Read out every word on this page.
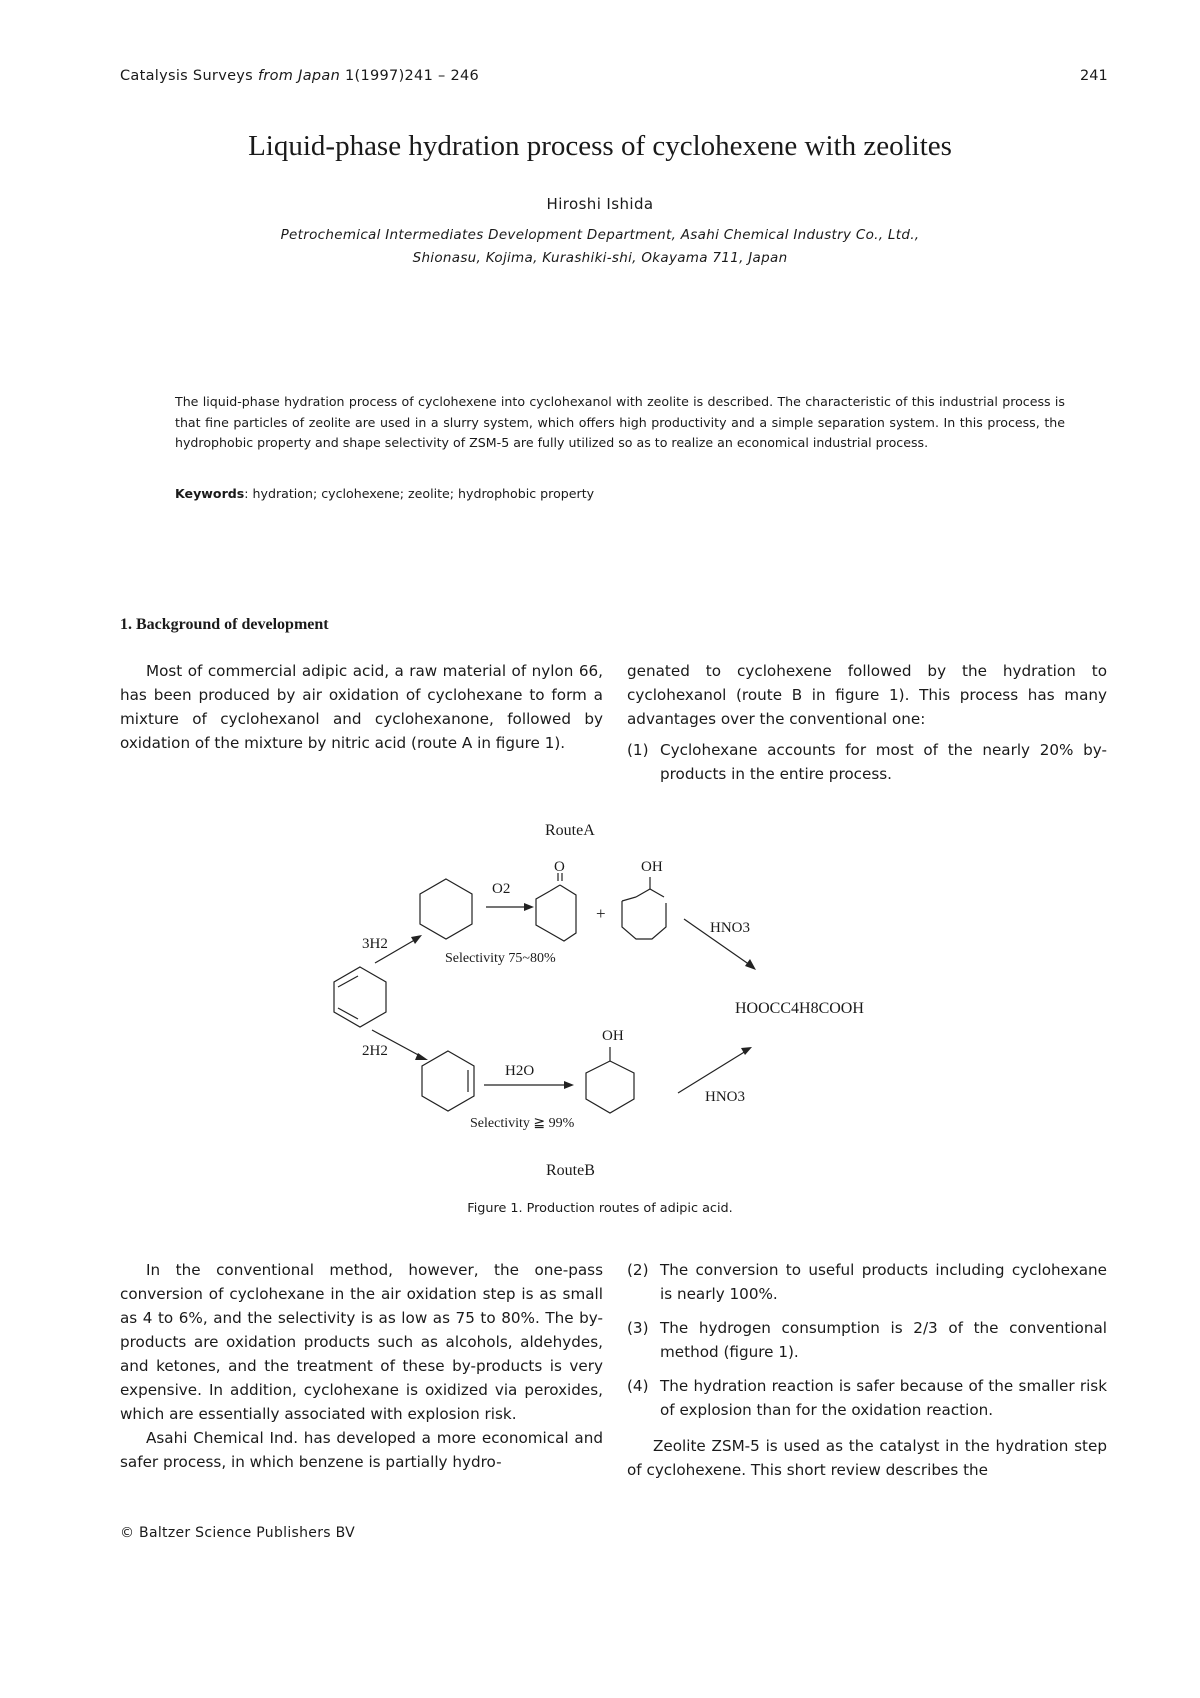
Catalysis Surveys from Japan 1(1997)241 – 246	241
Liquid-phase hydration process of cyclohexene with zeolites
Hiroshi Ishida
Petrochemical Intermediates Development Department, Asahi Chemical Industry Co., Ltd.,
Shionasu, Kojima, Kurashiki-shi, Okayama 711, Japan
The liquid-phase hydration process of cyclohexene into cyclohexanol with zeolite is described. The characteristic of this industrial process is that fine particles of zeolite are used in a slurry system, which offers high productivity and a simple separation system. In this process, the hydrophobic property and shape selectivity of ZSM-5 are fully utilized so as to realize an economical industrial process.
Keywords: hydration; cyclohexene; zeolite; hydrophobic property
1. Background of development

Most of commercial adipic acid, a raw material of nylon 66, has been produced by air oxidation of cyclohexane to form a mixture of cyclohexanol and cyclohexanone, followed by oxidation of the mixture by nitric acid (route A in figure 1).

genated to cyclohexene followed by the hydration to cyclohexanol (route B in figure 1). This process has many advantages over the conventional one:

(1) Cyclohexane accounts for most of the nearly 20% by-products in the entire process.
RouteA
3H2
O2
O
+
OH
Selectivity 75~80%
HNO3
HOOCC4H8COOH
2H2
H2O
OH
Selectivity ≧ 99%
HNO3
RouteB
Figure 1. Production routes of adipic acid.

In the conventional method, however, the one-pass conversion of cyclohexane in the air oxidation step is as small as 4 to 6%, and the selectivity is as low as 75 to 80%. The by-products are oxidation products such as alcohols, aldehydes, and ketones, and the treatment of these by-products is very expensive. In addition, cyclohexane is oxidized via peroxides, which are essentially associated with explosion risk.

Asahi Chemical Ind. has developed a more economical and safer process, in which benzene is partially hydro-

(2) The conversion to useful products including cyclohexane is nearly 100%.
(3) The hydrogen consumption is 2/3 of the conventional method (figure 1).
(4) The hydration reaction is safer because of the smaller risk of explosion than for the oxidation reaction.

Zeolite ZSM-5 is used as the catalyst in the hydration step of cyclohexene. This short review describes the

© Baltzer Science Publishers BV
